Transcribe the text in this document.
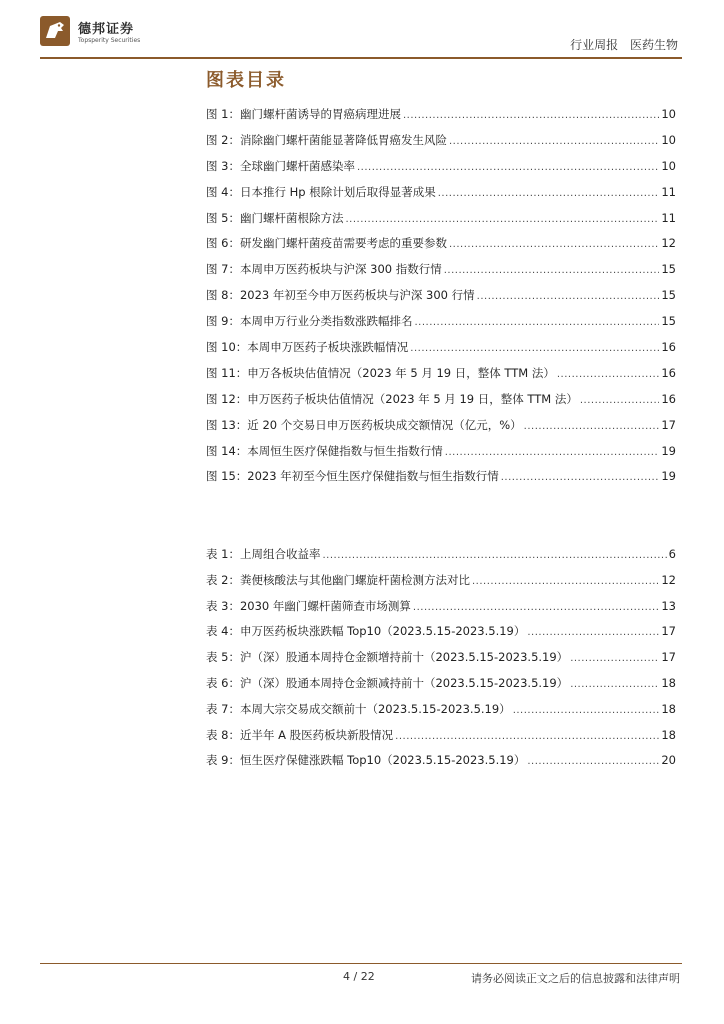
德邦证券
Topsperity Securities	行业周报 医药生物
图表目录
图 1：幽门螺杆菌诱导的胃癌病理进展 .....	10
图 2：消除幽门螺杆菌能显著降低胃癌发生风险 .....	10
图 3：全球幽门螺杆菌感染率 .....	10
图 4：日本推行 Hp 根除计划后取得显著成果 .....	11
图 5：幽门螺杆菌根除方法 .....	11
图 6：研发幽门螺杆菌疫苗需要考虑的重要参数 .....	12
图 7：本周申万医药板块与沪深 300 指数行情 .....	15
图 8：2023 年初至今申万医药板块与沪深 300 行情 .....	15
图 9：本周申万行业分类指数涨跌幅排名 .....	15
图 10：本周申万医药子板块涨跌幅情况 .....	16
图 11：申万各板块估值情况（2023 年 5 月 19 日，整体 TTM 法） .....	16
图 12：申万医药子板块估值情况（2023 年 5 月 19 日，整体 TTM 法） .....	16
图 13：近 20 个交易日申万医药板块成交额情况（亿元，%） .....	17
图 14：本周恒生医疗保健指数与恒生指数行情 .....	19
图 15：2023 年初至今恒生医疗保健指数与恒生指数行情 .....	19
表 1：上周组合收益率 .....	6
表 2：粪便核酸法与其他幽门螺旋杆菌检测方法对比 .....	12
表 3：2030 年幽门螺杆菌筛查市场测算 .....	13
表 4：申万医药板块涨跌幅 Top10（2023.5.15-2023.5.19） .....	17
表 5：沪（深）股通本周持仓金额增持前十（2023.5.15-2023.5.19） .....	17
表 6：沪（深）股通本周持仓金额减持前十（2023.5.15-2023.5.19） .....	18
表 7：本周大宗交易成交额前十（2023.5.15-2023.5.19） .....	18
表 8：近半年 A 股医药板块新股情况 .....	18
表 9：恒生医疗保健涨跌幅 Top10（2023.5.15-2023.5.19） .....	20
4 / 22	请务必阅读正文之后的信息披露和法律声明
